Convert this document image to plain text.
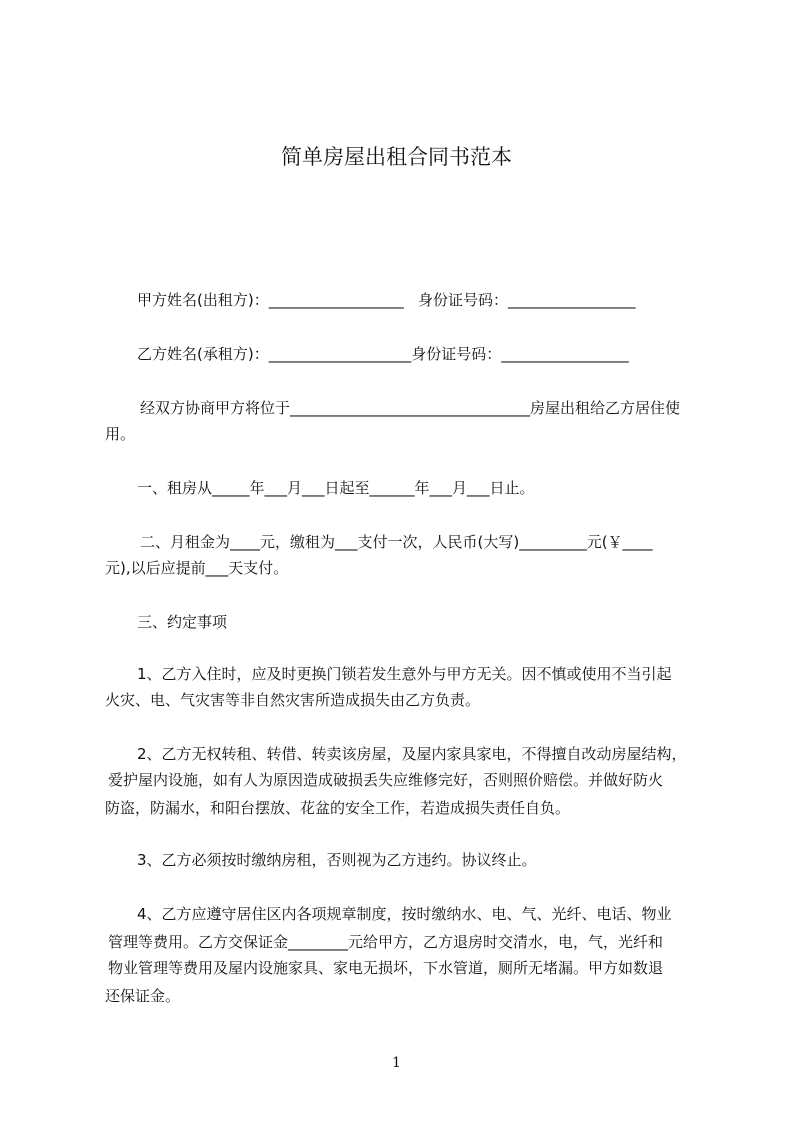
简单房屋出租合同书范本
甲方姓名(出租方)：__________________   身份证号码：_________________
乙方姓名(承租方)：___________________身份证号码：_________________
经双方协商甲方将位于________________________________房屋出租给乙方居住使
用。
一、租房从_____年___月___日起至______年___月___日止。
二、月租金为____元，缴租为___支付一次，人民币(大写)_________元(￥____
元),以后应提前___天支付。
三、约定事项
1、乙方入住时，应及时更换门锁若发生意外与甲方无关。因不慎或使用不当引起
火灾、电、气灾害等非自然灾害所造成损失由乙方负责。
2、乙方无权转租、转借、转卖该房屋，及屋内家具家电，不得擅自改动房屋结构，
爱护屋内设施，如有人为原因造成破损丢失应维修完好，否则照价赔偿。并做好防火
防盗，防漏水，和阳台摆放、花盆的安全工作，若造成损失责任自负。
3、乙方必须按时缴纳房租，否则视为乙方违约。协议终止。
4、乙方应遵守居住区内各项规章制度，按时缴纳水、电、气、光纤、电话、物业
管理等费用。乙方交保证金________元给甲方，乙方退房时交清水，电，气，光纤和
物业管理等费用及屋内设施家具、家电无损坏，下水管道，厕所无堵漏。甲方如数退
还保证金。
1
